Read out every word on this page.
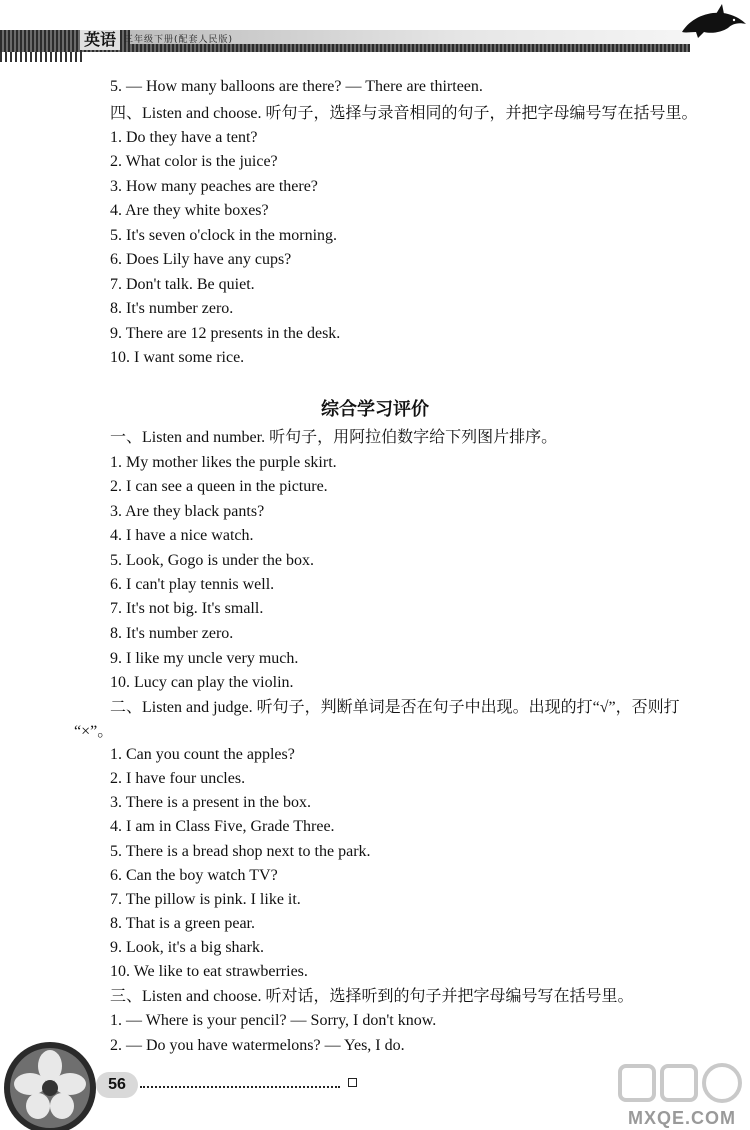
英语 三年级下册(配套人民版)
5. — How many balloons are there? — There are thirteen.
四、Listen and choose. 听句子，选择与录音相同的句子，并把字母编号写在括号里。
1. Do they have a tent?
2. What color is the juice?
3. How many peaches are there?
4. Are they white boxes?
5. It's seven o'clock in the morning.
6. Does Lily have any cups?
7. Don't talk. Be quiet.
8. It's number zero.
9. There are 12 presents in the desk.
10. I want some rice.
综合学习评价
一、Listen and number. 听句子，用阿拉伯数字给下列图片排序。
1. My mother likes the purple skirt.
2. I can see a queen in the picture.
3. Are they black pants?
4. I have a nice watch.
5. Look, Gogo is under the box.
6. I can't play tennis well.
7. It's not big. It's small.
8. It's number zero.
9. I like my uncle very much.
10. Lucy can play the violin.
二、Listen and judge. 听句子，判断单词是否在句子中出现。出现的打“√”，否则打
“×”。
1. Can you count the apples?
2. I have four uncles.
3. There is a present in the box.
4. I am in Class Five, Grade Three.
5. There is a bread shop next to the park.
6. Can the boy watch TV?
7. The pillow is pink. I like it.
8. That is a green pear.
9. Look, it's a big shark.
10. We like to eat strawberries.
三、Listen and choose. 听对话，选择听到的句子并把字母编号写在括号里。
1. — Where is your pencil? — Sorry, I don't know.
2. — Do you have watermelons? — Yes, I do.
56
MXQE.COM
